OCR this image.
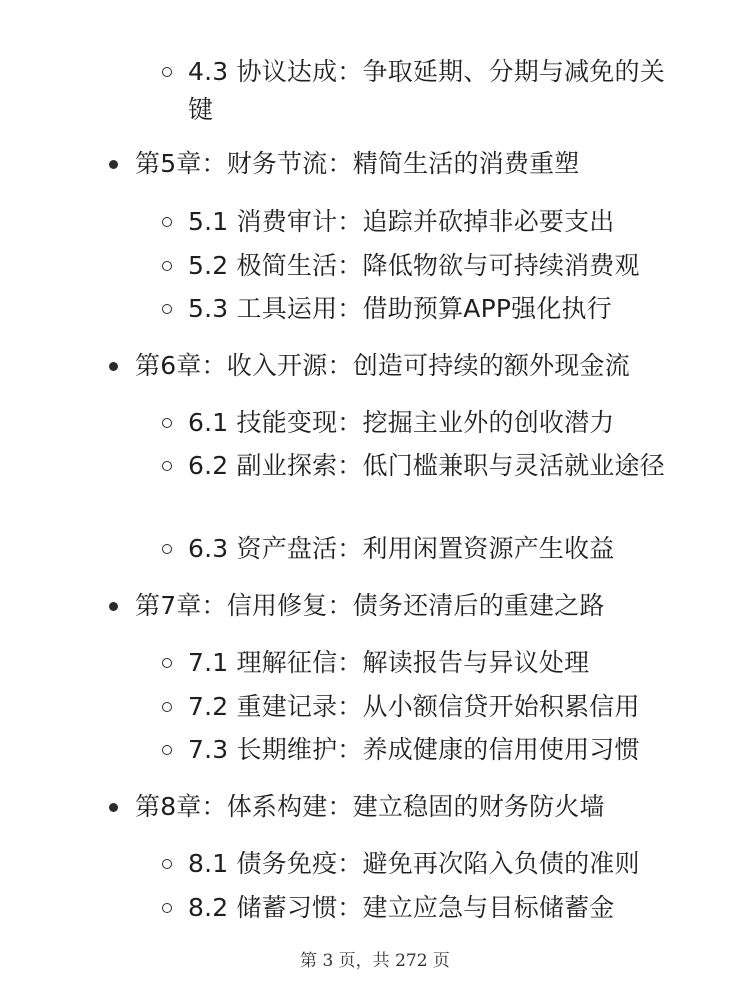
4.3 协议达成：争取延期、分期与减免的关键
第5章：财务节流：精简生活的消费重塑
5.1 消费审计：追踪并砍掉非必要支出
5.2 极简生活：降低物欲与可持续消费观
5.3 工具运用：借助预算APP强化执行
第6章：收入开源：创造可持续的额外现金流
6.1 技能变现：挖掘主业外的创收潜力
6.2 副业探索：低门槛兼职与灵活就业途径
6.3 资产盘活：利用闲置资源产生收益
第7章：信用修复：债务还清后的重建之路
7.1 理解征信：解读报告与异议处理
7.2 重建记录：从小额信贷开始积累信用
7.3 长期维护：养成健康的信用使用习惯
第8章：体系构建：建立稳固的财务防火墙
8.1 债务免疫：避免再次陷入负债的准则
8.2 储蓄习惯：建立应急与目标储蓄金
第 3 页，共 272 页
